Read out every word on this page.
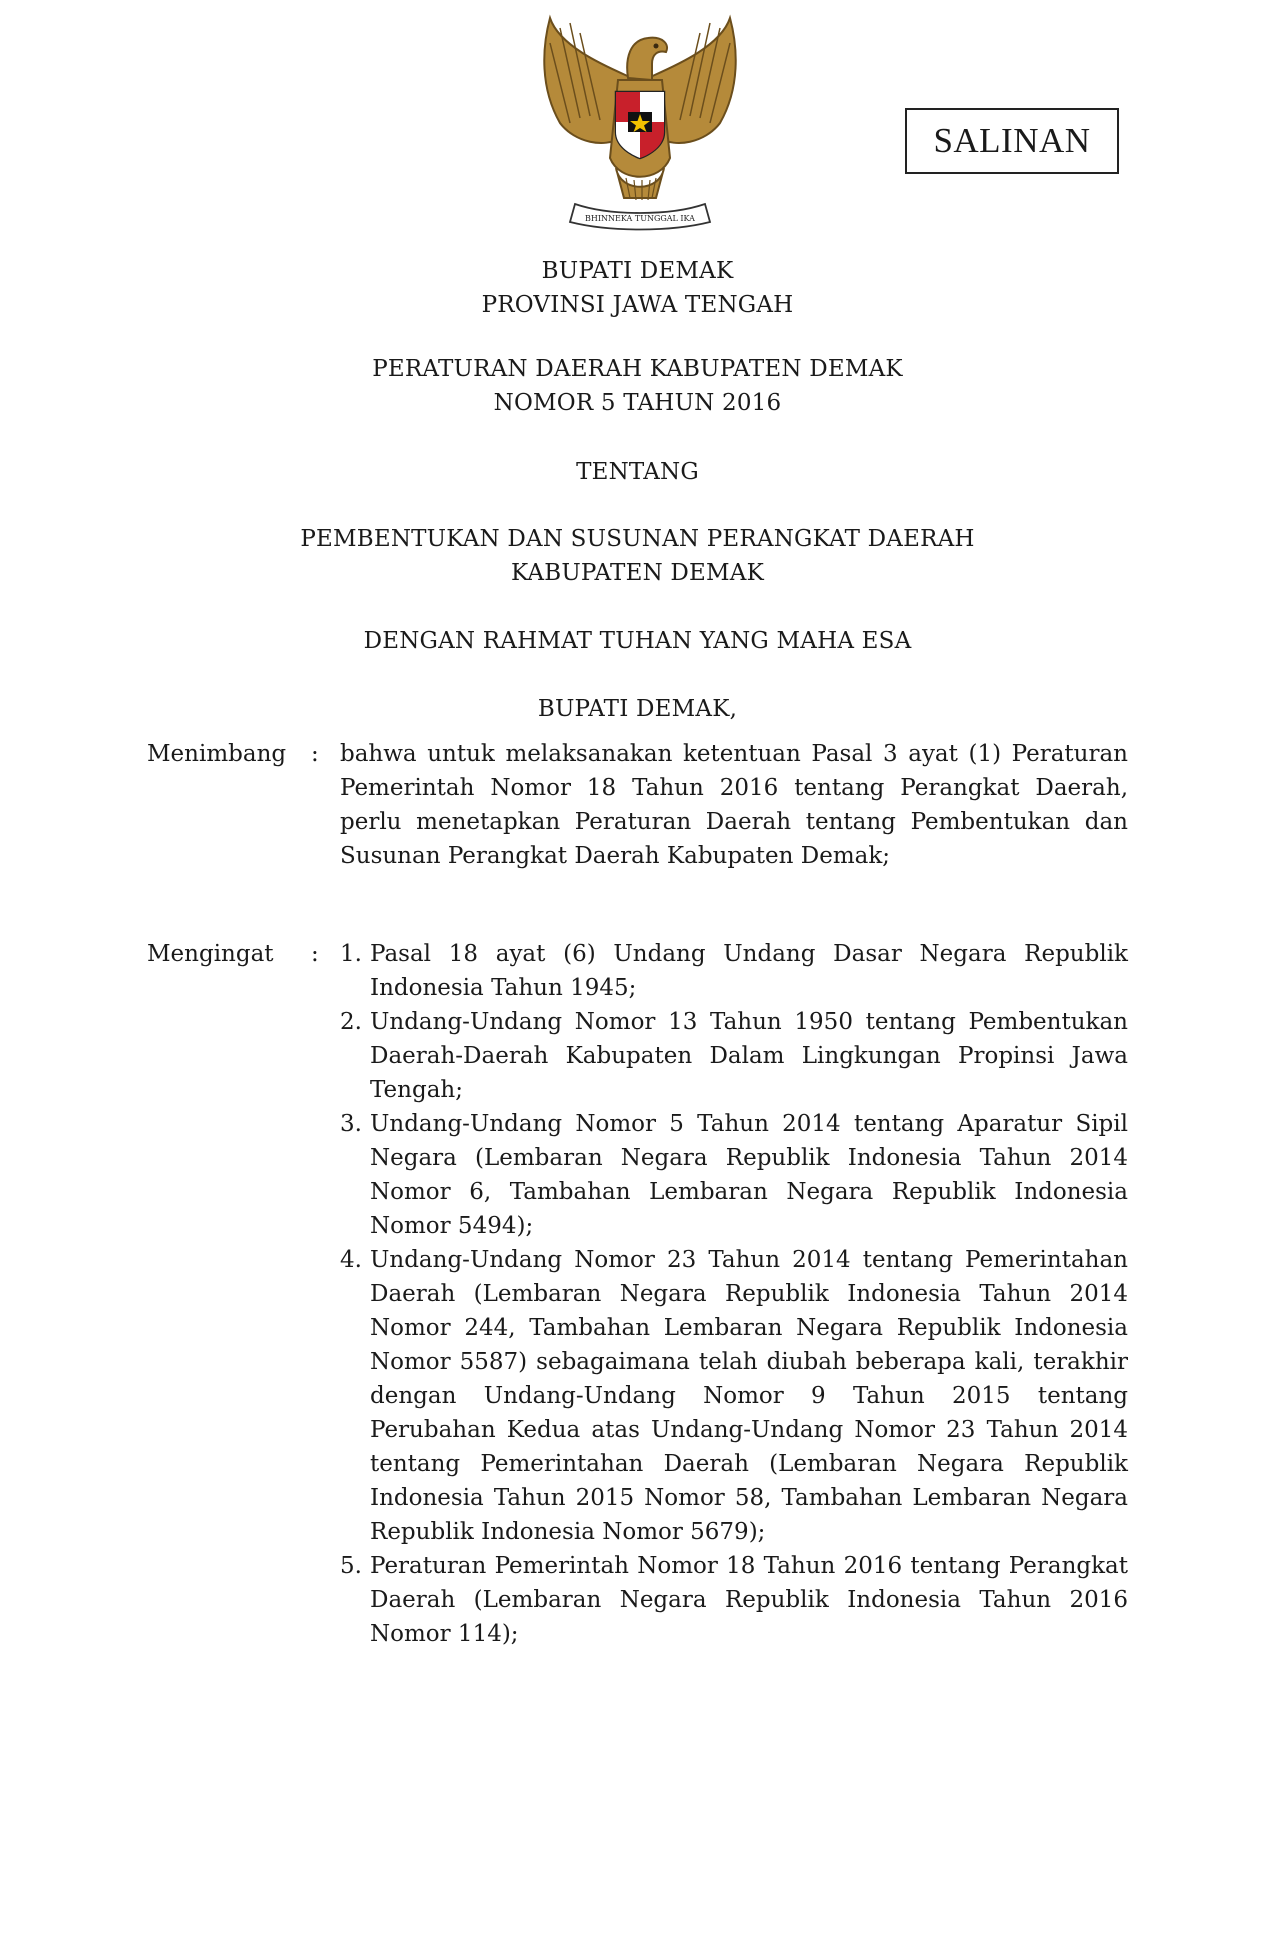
BHINNEKA TUNGGAL IKA
SALINAN
BUPATI DEMAK
PROVINSI JAWA TENGAH
PERATURAN DAERAH KABUPATEN DEMAK
NOMOR 5 TAHUN 2016
TENTANG
PEMBENTUKAN DAN SUSUNAN PERANGKAT DAERAH
KABUPATEN DEMAK
DENGAN RAHMAT TUHAN YANG MAHA ESA
BUPATI DEMAK,
Menimbang : bahwa untuk melaksanakan ketentuan Pasal 3 ayat (1) Peraturan Pemerintah Nomor 18 Tahun 2016 tentang Perangkat Daerah, perlu menetapkan Peraturan Daerah tentang Pembentukan dan Susunan Perangkat Daerah Kabupaten Demak;
Mengingat : 1. Pasal 18 ayat (6) Undang Undang Dasar Negara Republik Indonesia Tahun 1945;
2. Undang-Undang Nomor 13 Tahun 1950 tentang Pembentukan Daerah-Daerah Kabupaten Dalam Lingkungan Propinsi Jawa Tengah;
3. Undang-Undang Nomor 5 Tahun 2014 tentang Aparatur Sipil Negara (Lembaran Negara Republik Indonesia Tahun 2014 Nomor 6, Tambahan Lembaran Negara Republik Indonesia Nomor 5494);
4. Undang-Undang Nomor 23 Tahun 2014 tentang Pemerintahan Daerah (Lembaran Negara Republik Indonesia Tahun 2014 Nomor 244, Tambahan Lembaran Negara Republik Indonesia Nomor 5587) sebagaimana telah diubah beberapa kali, terakhir dengan Undang-Undang Nomor 9 Tahun 2015 tentang Perubahan Kedua atas Undang-Undang Nomor 23 Tahun 2014 tentang Pemerintahan Daerah (Lembaran Negara Republik Indonesia Tahun 2015 Nomor 58, Tambahan Lembaran Negara Republik Indonesia Nomor 5679);
5. Peraturan Pemerintah Nomor 18 Tahun 2016 tentang Perangkat Daerah (Lembaran Negara Republik Indonesia Tahun 2016 Nomor 114);
